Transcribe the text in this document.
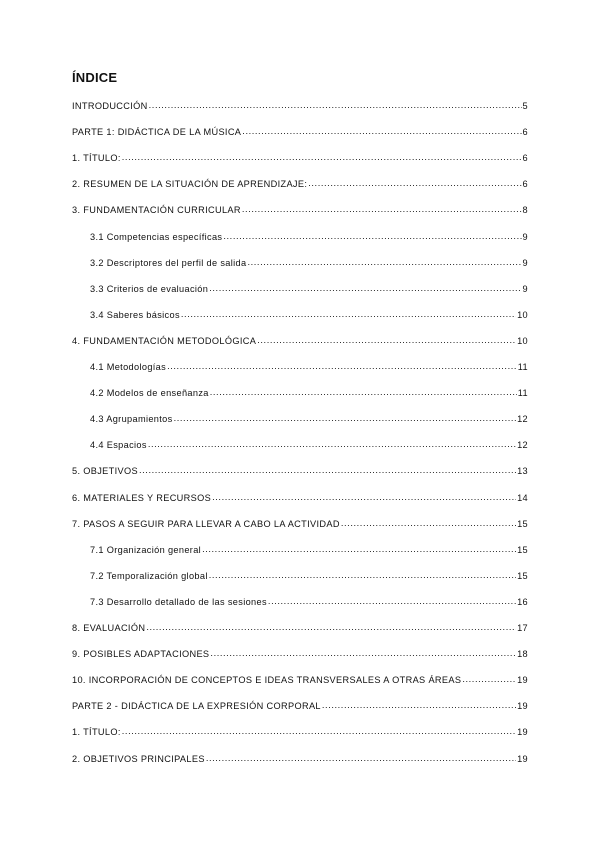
ÍNDICE
INTRODUCCIÓN .....	5
PARTE 1: DIDÁCTICA DE LA MÚSICA .....	6
1. TÍTULO: .....	6
2. RESUMEN DE LA SITUACIÓN DE APRENDIZAJE: .....	6
3. FUNDAMENTACIÓN CURRICULAR .....	8
3.1 Competencias específicas .....	9
3.2 Descriptores del perfil de salida .....	9
3.3 Criterios de evaluación .....	9
3.4 Saberes básicos .....	10
4. FUNDAMENTACIÓN METODOLÓGICA .....	10
4.1 Metodologías .....	11
4.2 Modelos de enseñanza .....	11
4.3 Agrupamientos .....	12
4.4 Espacios .....	12
5. OBJETIVOS .....	13
6. MATERIALES Y RECURSOS .....	14
7. PASOS A SEGUIR PARA LLEVAR A CABO LA ACTIVIDAD .....	15
7.1 Organización general .....	15
7.2 Temporalización global .....	15
7.3 Desarrollo detallado de las sesiones .....	16
8. EVALUACIÓN .....	17
9. POSIBLES ADAPTACIONES .....	18
10. INCORPORACIÓN DE CONCEPTOS E IDEAS TRANSVERSALES A OTRAS ÁREAS .....	19
PARTE 2 - DIDÁCTICA DE LA EXPRESIÓN CORPORAL .....	19
1. TÍTULO: .....	19
2. OBJETIVOS PRINCIPALES .....	19
